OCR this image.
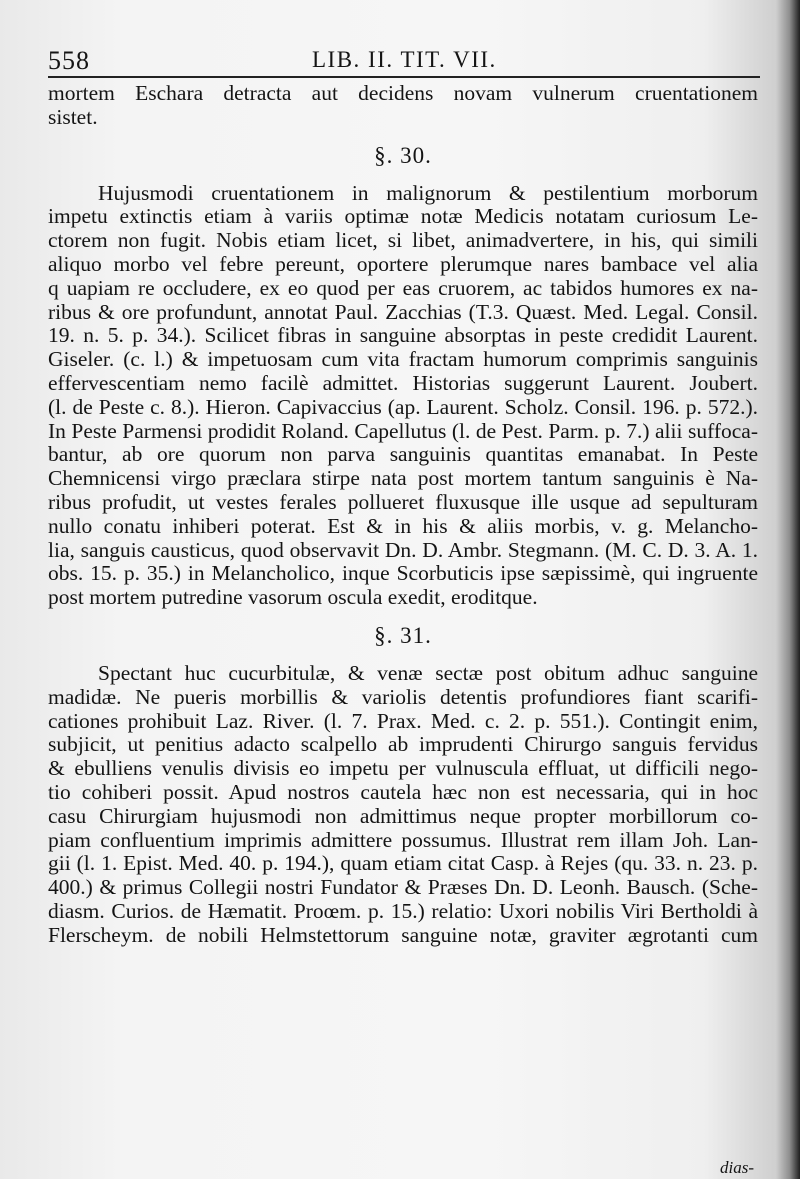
558	LIB. II. TIT. VII.
mortem Eschara detracta aut decidens novam vulnerum cruentationem
sistet.
§. 30.
Hujusmodi cruentationem in malignorum & pestilentium morborum
impetu extinctis etiam à variis optimæ notæ Medicis notatam curiosum Le-
ctorem non fugit. Nobis etiam licet, si libet, animadvertere, in his, qui simili
aliquo morbo vel febre pereunt, oportere plerumque nares bambace vel alia
q uapiam re occludere, ex eo quod per eas cruorem, ac tabidos humores ex na-
ribus & ore profundunt, annotat Paul. Zacchias (T.3. Quæst. Med. Legal. Consil.
19. n. 5. p. 34.). Scilicet fibras in sanguine absorptas in peste credidit Laurent.
Giseler. (c. l.) & impetuosam cum vita fractam humorum comprimis sanguinis
effervescentiam nemo facilè admittet. Historias suggerunt Laurent. Joubert.
(l. de Peste c. 8.). Hieron. Capivaccius (ap. Laurent. Scholz. Consil. 196. p. 572.).
In Peste Parmensi prodidit Roland. Capellutus (l. de Pest. Parm. p. 7.) alii suffoca-
bantur, ab ore quorum non parva sanguinis quantitas emanabat. In Peste
Chemnicensi virgo præclara stirpe nata post mortem tantum sanguinis è Na-
ribus profudit, ut vestes ferales pollueret fluxusque ille usque ad sepulturam
nullo conatu inhiberi poterat. Est & in his & aliis morbis, v. g. Melancho-
lia, sanguis causticus, quod observavit Dn. D. Ambr. Stegmann. (M. C. D. 3. A. 1.
obs. 15. p. 35.) in Melancholico, inque Scorbuticis ipse sæpissimè, qui ingruente
post mortem putredine vasorum oscula exedit, eroditque.
§. 31.
Spectant huc cucurbitulæ, & venæ sectæ post obitum adhuc sanguine
madidæ. Ne pueris morbillis & variolis detentis profundiores fiant scarifi-
cationes prohibuit Laz. River. (l. 7. Prax. Med. c. 2. p. 551.). Contingit enim,
subjicit, ut penitius adacto scalpello ab imprudenti Chirurgo sanguis fervidus
& ebulliens venulis divisis eo impetu per vulnuscula effluat, ut difficili nego-
tio cohiberi possit. Apud nostros cautela hæc non est necessaria, qui in hoc
casu Chirurgiam hujusmodi non admittimus neque propter morbillorum co-
piam confluentium imprimis admittere possumus. Illustrat rem illam Joh. Lan-
gii (l. 1. Epist. Med. 40. p. 194.), quam etiam citat Casp. à Rejes (qu. 33. n. 23. p.
400.) & primus Collegii nostri Fundator & Præses Dn. D. Leonh. Bausch. (Sche-
diasm. Curios. de Hæmatit. Proœm. p. 15.) relatio: Uxori nobilis Viri Bertholdi à
Flerscheym. de nobili Helmstettorum sanguine notæ, graviter ægrotanti cum
dias-
